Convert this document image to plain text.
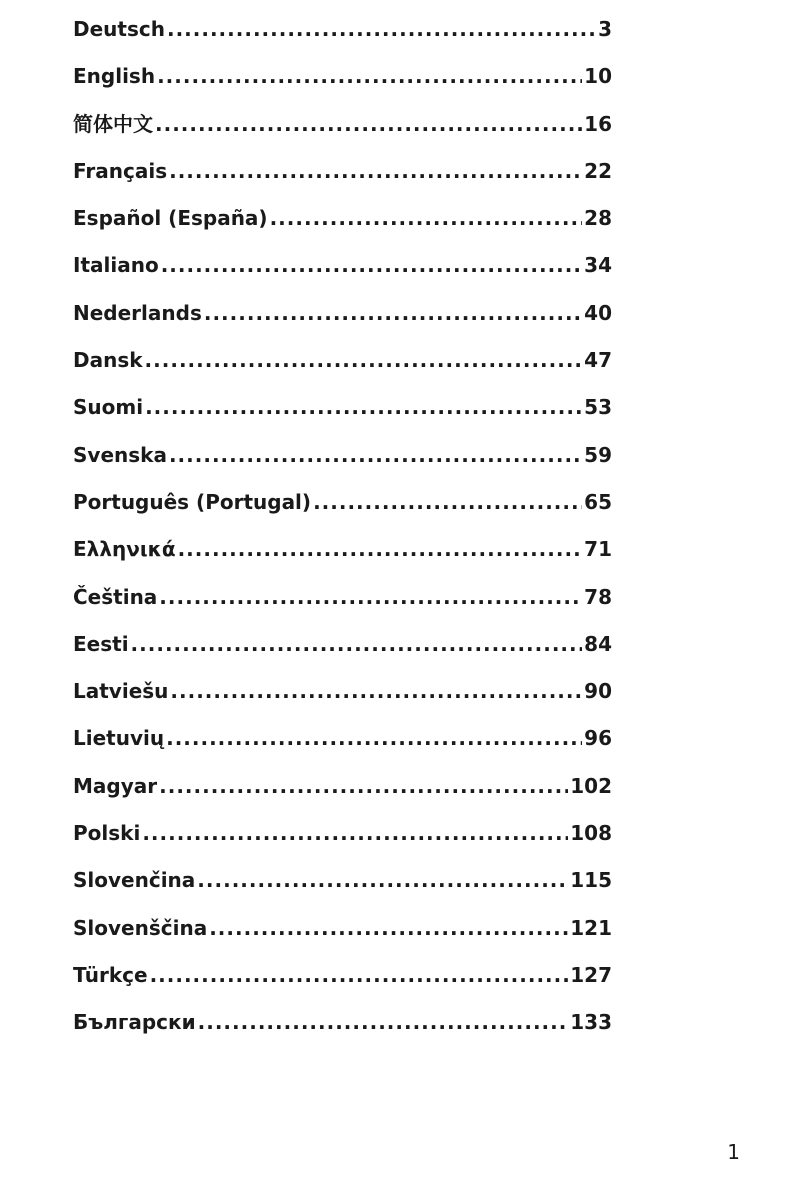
Deutsch .....	3
English .....	10
简体中文 .....	16
Français .....	22
Español (España) .....	28
Italiano .....	34
Nederlands .....	40
Dansk .....	47
Suomi .....	53
Svenska .....	59
Português (Portugal) .....	65
Ελληνικά .....	71
Čeština .....	78
Eesti .....	84
Latviešu .....	90
Lietuvių .....	96
Magyar .....	102
Polski .....	108
Slovenčina .....	115
Slovenščina .....	121
Türkçe .....	127
Български .....	133
1
